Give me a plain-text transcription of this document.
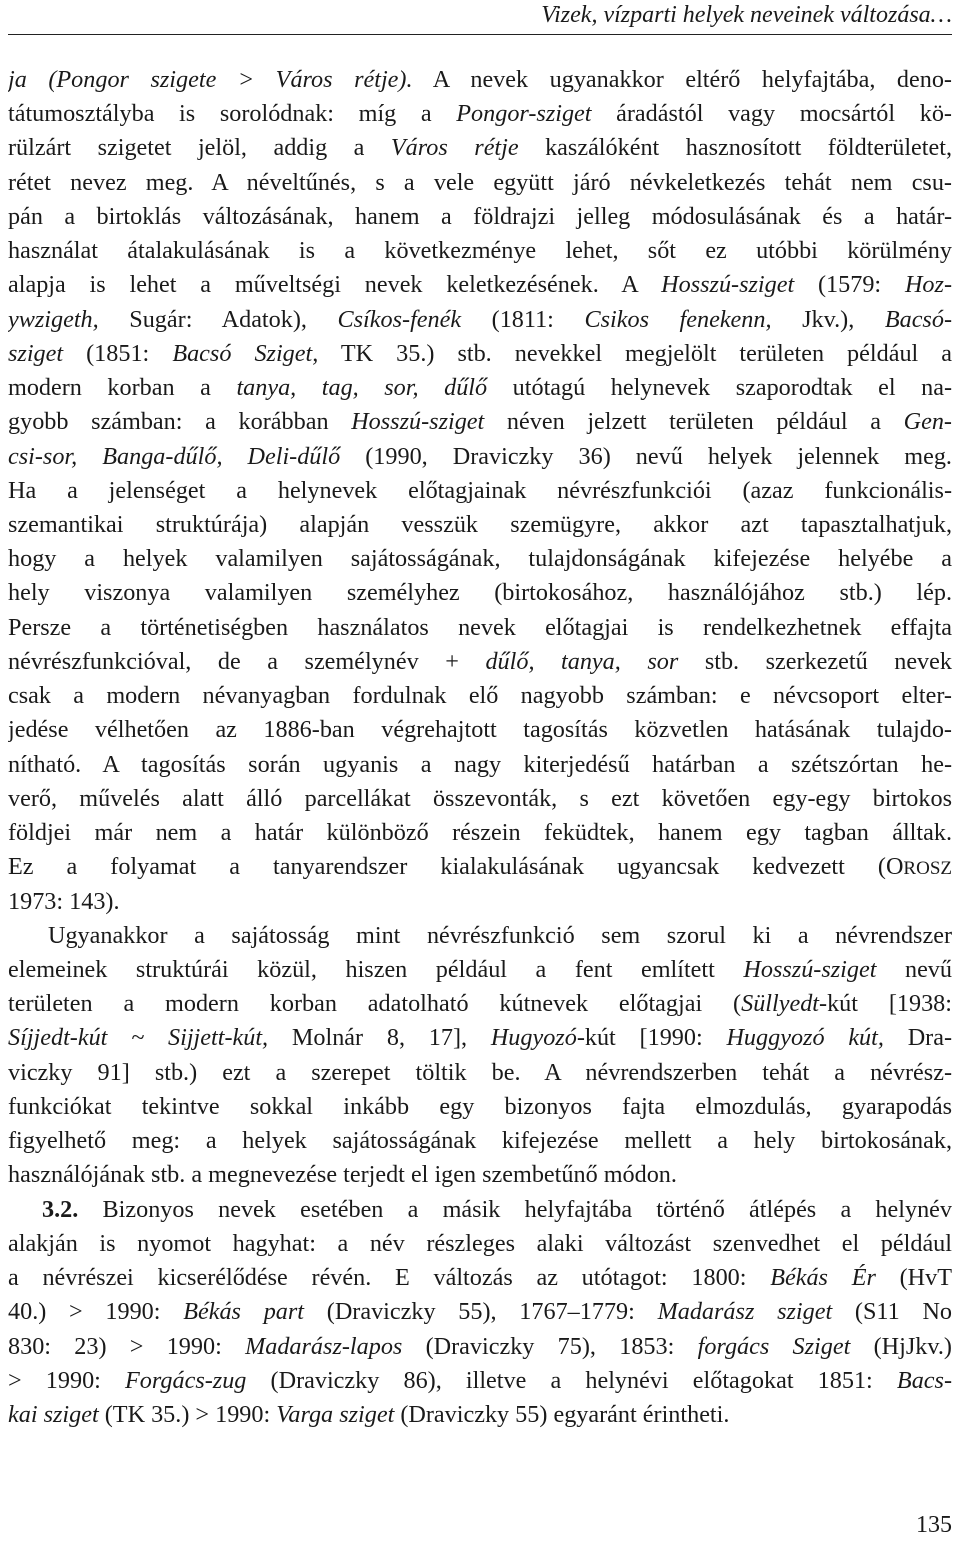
Vizek, vízparti helyek neveinek változása…
ja (Pongor szigete > Város rétje). A nevek ugyanakkor eltérő helyfajtába, deno-
tátumosztályba is sorolódnak: míg a Pongor-sziget áradástól vagy mocsártól kö-
rülzárt szigetet jelöl, addig a Város rétje kaszálóként hasznosított földterületet,
rétet nevez meg. A néveltűnés, s a vele együtt járó névkeletkezés tehát nem csu-
pán a birtoklás változásának, hanem a földrajzi jelleg módosulásának és a határ-
használat átalakulásának is a következménye lehet, sőt ez utóbbi körülmény
alapja is lehet a műveltségi nevek keletkezésének. A Hosszú-sziget (1579: Hoz-
ywzigeth, Sugár: Adatok), Csíkos-fenék (1811: Csikos fenekenn, Jkv.), Bacsó-
sziget (1851: Bacsó Sziget, TK 35.) stb. nevekkel megjelölt területen például a
modern korban a tanya, tag, sor, dűlő utótagú helynevek szaporodtak el na-
gyobb számban: a korábban Hosszú-sziget néven jelzett területen például a Gen-
csi-sor, Banga-dűlő, Deli-dűlő (1990, Draviczky 36) nevű helyek jelennek meg.
Ha a jelenséget a helynevek előtagjainak névrészfunkciói (azaz funkcionális-
szemantikai struktúrája) alapján vesszük szemügyre, akkor azt tapasztalhatjuk,
hogy a helyek valamilyen sajátosságának, tulajdonságának kifejezése helyébe a
hely viszonya valamilyen személyhez (birtokosához, használójához stb.) lép.
Persze a történetiségben használatos nevek előtagjai is rendelkezhetnek effajta
névrészfunkcióval, de a személynév + dűlő, tanya, sor stb. szerkezetű nevek
csak a modern névanyagban fordulnak elő nagyobb számban: e névcsoport elter-
jedése vélhetően az 1886-ban végrehajtott tagosítás közvetlen hatásának tulajdo-
nítható. A tagosítás során ugyanis a nagy kiterjedésű határban a szétszórtan he-
verő, művelés alatt álló parcellákat összevonták, s ezt követően egy-egy birtokos
földjei már nem a határ különböző részein feküdtek, hanem egy tagban álltak.
Ez a folyamat a tanyarendszer kialakulásának ugyancsak kedvezett (OROSZ
1973: 143).
Ugyanakkor a sajátosság mint névrészfunkció sem szorul ki a névrendszer
elemeinek struktúrái közül, hiszen például a fent említett Hosszú-sziget nevű
területen a modern korban adatolható kútnevek előtagjai (Süllyedt-kút [1938:
Síjjedt-kút ~ Sijjett-kút, Molnár 8, 17], Hugyozó-kút [1990: Huggyozó kút, Dra-
viczky 91] stb.) ezt a szerepet töltik be. A névrendszerben tehát a névrész-
funkciókat tekintve sokkal inkább egy bizonyos fajta elmozdulás, gyarapodás
figyelhető meg: a helyek sajátosságának kifejezése mellett a hely birtokosának,
használójának stb. a megnevezése terjedt el igen szembetűnő módon.
3.2. Bizonyos nevek esetében a másik helyfajtába történő átlépés a helynév
alakján is nyomot hagyhat: a név részleges alaki változást szenvedhet el például
a névrészei kicserélődése révén. E változás az utótagot: 1800: Békás Ér (HvT
40.) > 1990: Békás part (Draviczky 55), 1767–1779: Madarász sziget (S11 No
830: 23) > 1990: Madarász-lapos (Draviczky 75), 1853: forgács Sziget (HjJkv.)
> 1990: Forgács-zug (Draviczky 86), illetve a helynévi előtagokat 1851: Bacs-
kai sziget (TK 35.) > 1990: Varga sziget (Draviczky 55) egyaránt érintheti.
135
